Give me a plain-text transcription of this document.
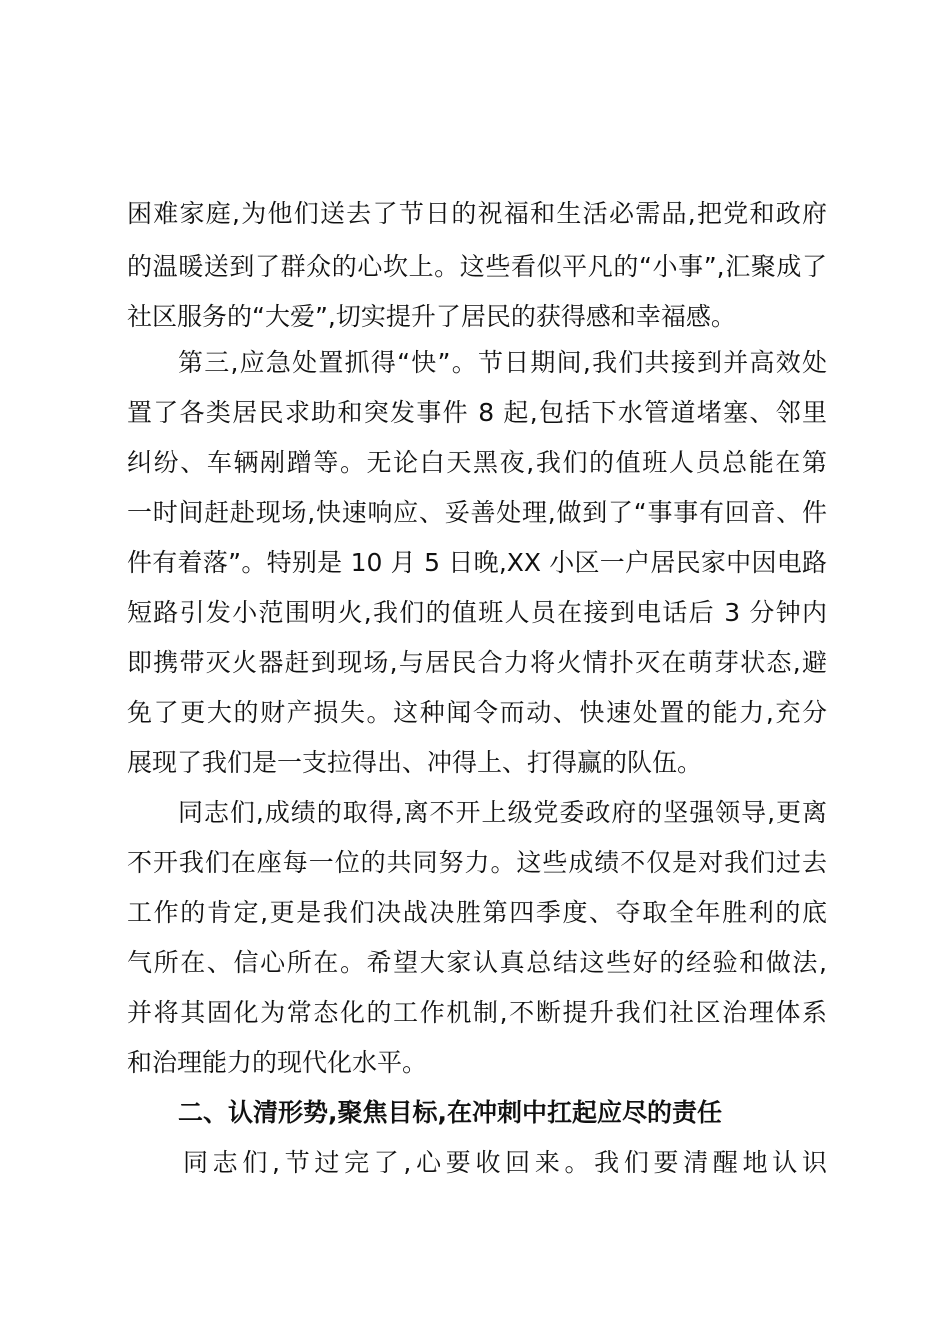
困难家庭,为他们送去了节日的祝福和生活必需品,把党和政府
的温暖送到了群众的心坎上。这些看似平凡的“小事”,汇聚成了
社区服务的“大爱”,切实提升了居民的获得感和幸福感。
第三,应急处置抓得“快”。节日期间,我们共接到并高效处
置了各类居民求助和突发事件 8 起,包括下水管道堵塞、邻里
纠纷、车辆剐蹭等。无论白天黑夜,我们的值班人员总能在第
一时间赶赴现场,快速响应、妥善处理,做到了“事事有回音、件
件有着落”。特别是 10 月 5 日晚,XX 小区一户居民家中因电路
短路引发小范围明火,我们的值班人员在接到电话后 3 分钟内
即携带灭火器赶到现场,与居民合力将火情扑灭在萌芽状态,避
免了更大的财产损失。这种闻令而动、快速处置的能力,充分
展现了我们是一支拉得出、冲得上、打得赢的队伍。
同志们,成绩的取得,离不开上级党委政府的坚强领导,更离
不开我们在座每一位的共同努力。这些成绩不仅是对我们过去
工作的肯定,更是我们决战决胜第四季度、夺取全年胜利的底
气所在、信心所在。希望大家认真总结这些好的经验和做法,
并将其固化为常态化的工作机制,不断提升我们社区治理体系
和治理能力的现代化水平。
二、认清形势,聚焦目标,在冲刺中扛起应尽的责任
同志们,节过完了,心要收回来。我们要清醒地认识
